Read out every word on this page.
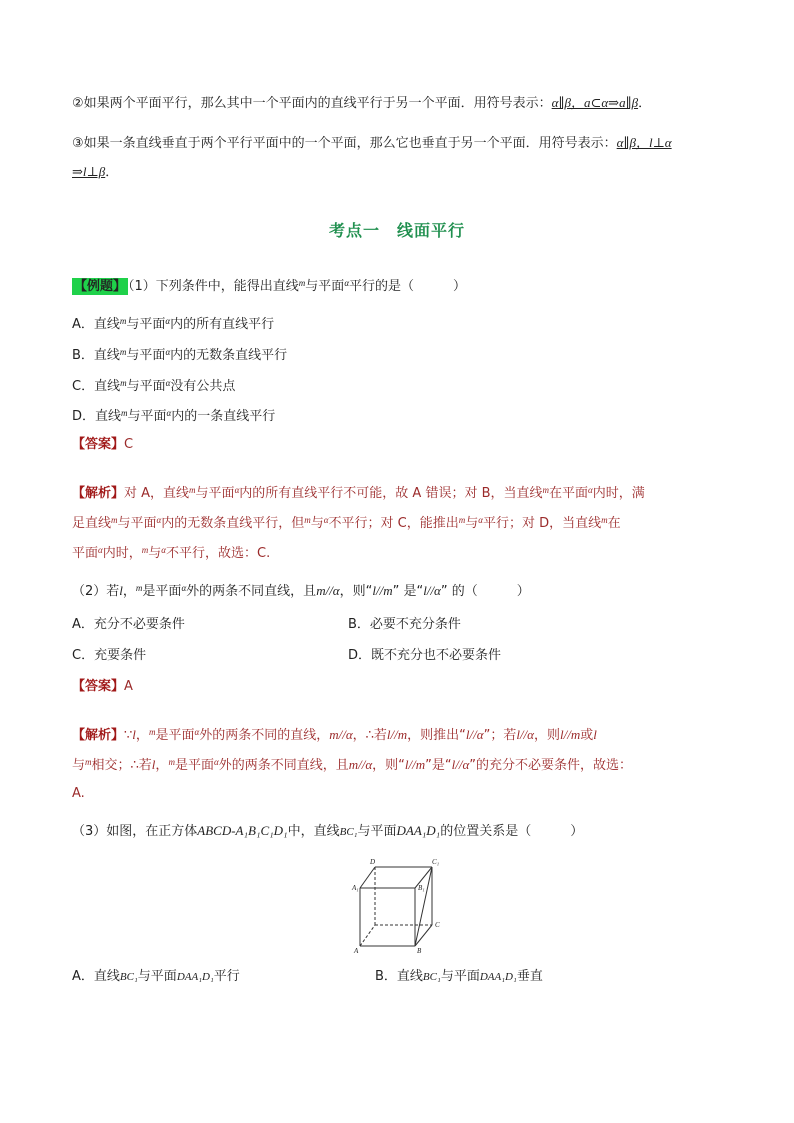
②如果两个平面平行，那么其中一个平面内的直线平行于另一个平面．用符号表示：α∥β，a⊂α⇒a∥β．
③如果一条直线垂直于两个平行平面中的一个平面，那么它也垂直于另一个平面．用符号表示：α∥β，l⊥α
⇒l⊥β．
考点一　线面平行
【例题】 （1）下列条件中，能得出直线$^m$与平面$^\alpha$平行的是（　　　）
A．直线$^m$与平面$^\alpha$内的所有直线平行
B．直线$^m$与平面$^\alpha$内的无数条直线平行
C．直线$^m$与平面$^\alpha$没有公共点
D．直线$^m$与平面$^\alpha$内的一条直线平行
【答案】C
【解析】对 A，直线$^m$与平面$^\alpha$内的所有直线平行不可能，故 A 错误；对 B，当直线$^m$在平面$^\alpha$内时，满
足直线$^m$与平面$^\alpha$内的无数条直线平行，但$^m$与$^\alpha$不平行；对 C，能推出$^m$与$^\alpha$平行；对 D，当直线$^m$在
平面$^\alpha$内时，$^m$与$^\alpha$不平行，故选：C.
（2）若l，$^m$是平面$^\alpha$外的两条不同直线，且m//α，则“l//m” 是“l//α” 的（　　　）
A．充分不必要条件	B．必要不充分条件
C．充要条件	D．既不充分也不必要条件
【答案】A
【解析】∵l，$^m$是平面$^\alpha$外的两条不同的直线，m//α，∴若l//m，则推出“l//α”；若l//α，则l//m或l
与$^m$相交；∴若l，$^m$是平面$^\alpha$外的两条不同直线，且m//α，则“l//m”是“l//α”的充分不必要条件，故选：
A.
（3）如图，在正方体ABCD-A₁B₁C₁D₁中，直线BC₁与平面DAA₁D₁的位置关系是（　　　）
D	C₁
A₁	B₁
C
A	B
A．直线BC₁与平面DAA₁D₁平行	B．直线BC₁与平面DAA₁D₁垂直
